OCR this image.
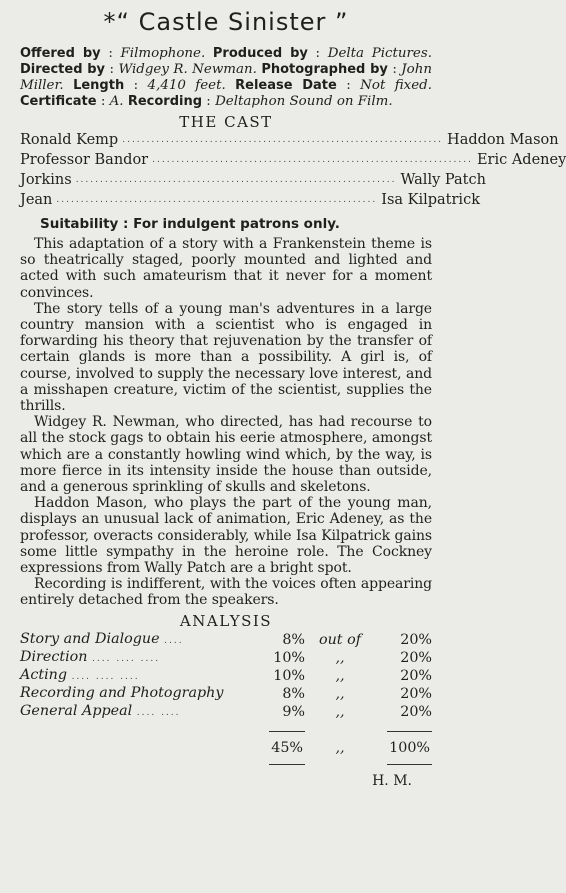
*“ Castle Sinister ”
Offered by : Filmophone. Produced by : Delta Pictures. Directed by : Widgey R. Newman. Photographed by : John Miller. Length : 4,410 feet. Release Date : Not fixed. Certificate : A. Recording : Deltaphon Sound on Film.
THE CAST
Ronald Kemp .................................................................. Haddon Mason
Professor Bandor .................................................................. Eric Adeney
Jorkins .................................................................. Wally Patch
Jean .................................................................. Isa Kilpatrick
Suitability : For indulgent patrons only.

This adaptation of a story with a Frankenstein theme is so theatrically staged, poorly mounted and lighted and acted with such amateurism that it never for a moment convinces.

The story tells of a young man's adventures in a large country mansion with a scientist who is engaged in forwarding his theory that rejuvenation by the transfer of certain glands is more than a possibility. A girl is, of course, involved to supply the necessary love interest, and a misshapen creature, victim of the scientist, supplies the thrills.

Widgey R. Newman, who directed, has had recourse to all the stock gags to obtain his eerie atmosphere, amongst which are a constantly howling wind which, by the way, is more fierce in its intensity inside the house than outside, and a generous sprinkling of skulls and skeletons.

Haddon Mason, who plays the part of the young man, displays an unusual lack of animation, Eric Adeney, as the professor, overacts considerably, while Isa Kilpatrick gains some little sympathy in the heroine role. The Cockney expressions from Wally Patch are a bright spot.

Recording is indifferent, with the voices often appearing entirely detached from the speakers.

ANALYSIS
Story and Dialogue ....	8%	out of	20%
Direction .... .... ....	10%	,,	20%
Acting .... .... ....	10%	,,	20%
Recording and Photography	8%	,,	20%
General Appeal .... ....	9%	,,	20%
	45%	,,	100%
H. M.
